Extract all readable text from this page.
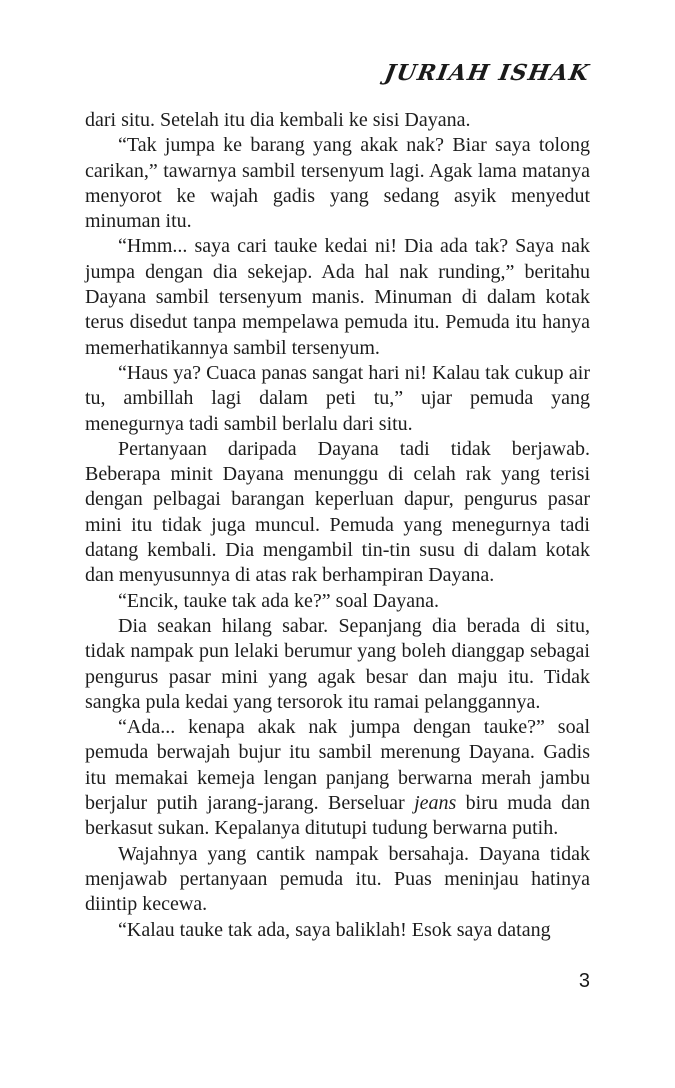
JURIAH ISHAK

dari situ. Setelah itu dia kembali ke sisi Dayana.

“Tak jumpa ke barang yang akak nak? Biar saya tolong carikan,” tawarnya sambil tersenyum lagi. Agak lama matanya menyorot ke wajah gadis yang sedang asyik menyedut minuman itu.

“Hmm... saya cari tauke kedai ni! Dia ada tak? Saya nak jumpa dengan dia sekejap. Ada hal nak runding,” beritahu Dayana sambil tersenyum manis. Minuman di dalam kotak terus disedut tanpa mempelawa pemuda itu. Pemuda itu hanya memerhatikannya sambil tersenyum.

“Haus ya? Cuaca panas sangat hari ni! Kalau tak cukup air tu, ambillah lagi dalam peti tu,” ujar pemuda yang menegurnya tadi sambil berlalu dari situ.

Pertanyaan daripada Dayana tadi tidak berjawab. Beberapa minit Dayana menunggu di celah rak yang terisi dengan pelbagai barangan keperluan dapur, pengurus pasar mini itu tidak juga muncul. Pemuda yang menegurnya tadi datang kembali. Dia mengambil tin-tin susu di dalam kotak dan menyusunnya di atas rak berhampiran Dayana.

“Encik, tauke tak ada ke?” soal Dayana.

Dia seakan hilang sabar. Sepanjang dia berada di situ, tidak nampak pun lelaki berumur yang boleh dianggap sebagai pengurus pasar mini yang agak besar dan maju itu. Tidak sangka pula kedai yang tersorok itu ramai pelanggannya.

“Ada... kenapa akak nak jumpa dengan tauke?” soal pemuda berwajah bujur itu sambil merenung Dayana. Gadis itu memakai kemeja lengan panjang berwarna merah jambu berjalur putih jarang-jarang. Berseluar jeans biru muda dan berkasut sukan. Kepalanya ditutupi tudung berwarna putih.

Wajahnya yang cantik nampak bersahaja. Dayana tidak menjawab pertanyaan pemuda itu. Puas meninjau hatinya diintip kecewa.

“Kalau tauke tak ada, saya baliklah! Esok saya datang

3
